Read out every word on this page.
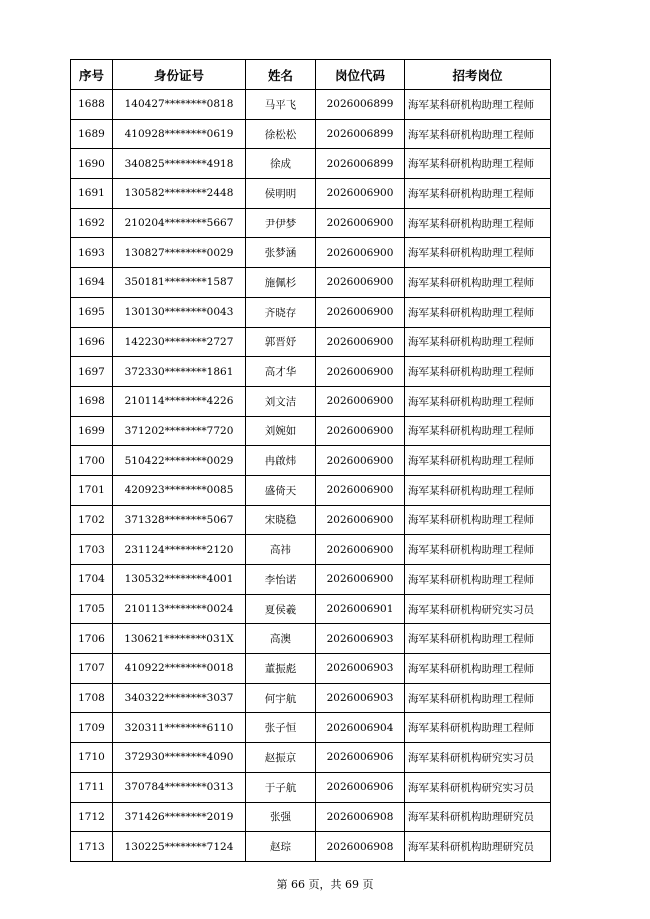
序号	身份证号	姓名	岗位代码	招考岗位
1688	140427********0818	马平飞	2026006899	海军某科研机构助理工程师
1689	410928********0619	徐松松	2026006899	海军某科研机构助理工程师
1690	340825********4918	徐成	2026006899	海军某科研机构助理工程师
1691	130582********2448	侯明明	2026006900	海军某科研机构助理工程师
1692	210204********5667	尹伊梦	2026006900	海军某科研机构助理工程师
1693	130827********0029	张梦涵	2026006900	海军某科研机构助理工程师
1694	350181********1587	施佩杉	2026006900	海军某科研机构助理工程师
1695	130130********0043	齐晓存	2026006900	海军某科研机构助理工程师
1696	142230********2727	郭晋妤	2026006900	海军某科研机构助理工程师
1697	372330********1861	高才华	2026006900	海军某科研机构助理工程师
1698	210114********4226	刘文洁	2026006900	海军某科研机构助理工程师
1699	371202********7720	刘婉如	2026006900	海军某科研机构助理工程师
1700	510422********0029	冉啟炜	2026006900	海军某科研机构助理工程师
1701	420923********0085	盛倚天	2026006900	海军某科研机构助理工程师
1702	371328********5067	宋晓稳	2026006900	海军某科研机构助理工程师
1703	231124********2120	高祎	2026006900	海军某科研机构助理工程师
1704	130532********4001	李怡诺	2026006900	海军某科研机构助理工程师
1705	210113********0024	夏侯羲	2026006901	海军某科研机构研究实习员
1706	130621********031X	高澳	2026006903	海军某科研机构助理工程师
1707	410922********0018	董振彪	2026006903	海军某科研机构助理工程师
1708	340322********3037	何宇航	2026006903	海军某科研机构助理工程师
1709	320311********6110	张子恒	2026006904	海军某科研机构助理工程师
1710	372930********4090	赵振京	2026006906	海军某科研机构研究实习员
1711	370784********0313	于子航	2026006906	海军某科研机构研究实习员
1712	371426********2019	张强	2026006908	海军某科研机构助理研究员
1713	130225********7124	赵琮	2026006908	海军某科研机构助理研究员
第 66 页，共 69 页
